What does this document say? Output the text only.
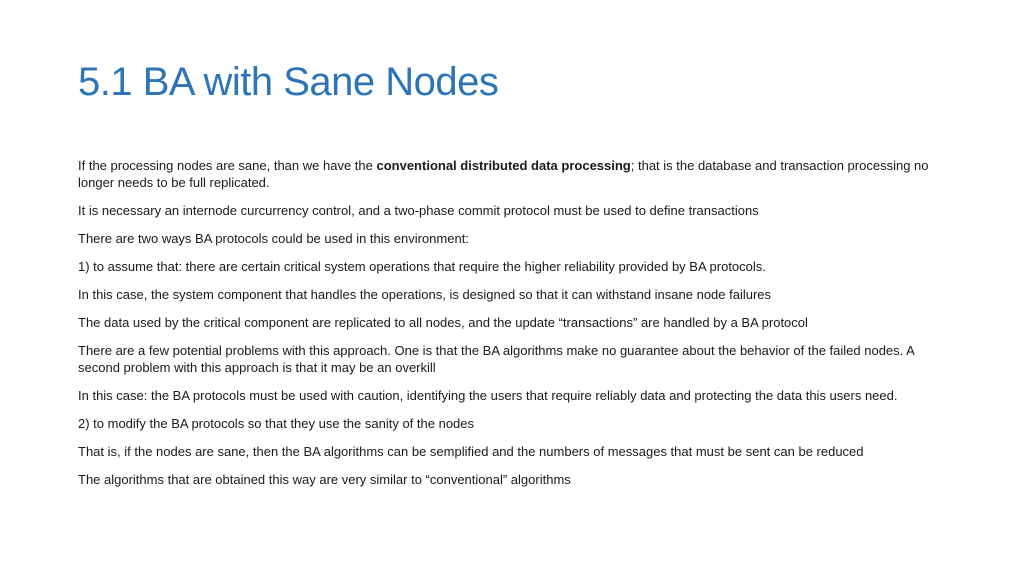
5.1 BA with Sane Nodes

If the processing nodes are sane, than we have the conventional distributed data processing; that is the database and transaction processing no longer needs to be full replicated.

It is necessary an internode curcurrency control, and a two-phase commit protocol must be used to define transactions

There are two ways BA protocols could be used in this environment:

1) to assume that: there are certain critical system operations that require the higher reliability provided by BA protocols.

In this case, the system component that handles the operations, is designed so that it can withstand insane node failures

The data used by the critical component are replicated to all nodes, and the update “transactions” are handled by a BA protocol

There are a few potential problems with this approach. One is that the BA algorithms make no guarantee about the behavior of the failed nodes. A second problem with this approach is that it may be an overkill

In this case: the BA protocols must be used with caution, identifying the users that require reliably data and protecting the data this users need.

2) to modify the BA protocols so that they use the sanity of the nodes

That is, if the nodes are sane, then the BA algorithms can be semplified and the numbers of messages that must be sent can be reduced

The algorithms that are obtained this way are very similar to “conventional” algorithms
